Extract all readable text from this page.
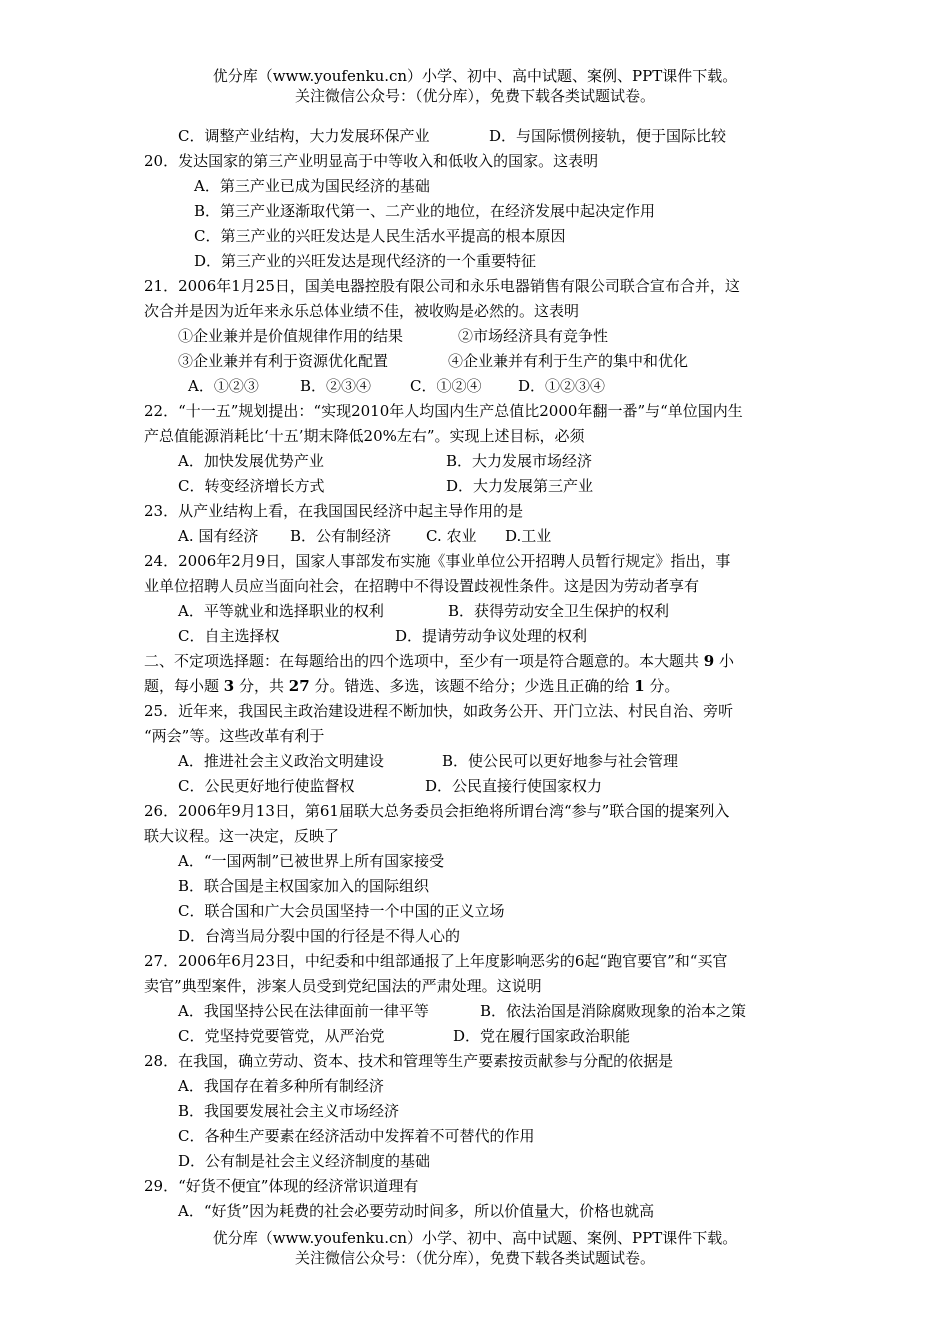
优分库（www.youfenku.cn）小学、初中、高中试题、案例、PPT课件下载。
关注微信公众号：（优分库），免费下载各类试题试卷。
C．调整产业结构，大力发展环保产业	D．与国际惯例接轨，便于国际比较
20．发达国家的第三产业明显高于中等收入和低收入的国家。这表明
A．第三产业已成为国民经济的基础
B．第三产业逐渐取代第一、二产业的地位，在经济发展中起决定作用
C．第三产业的兴旺发达是人民生活水平提高的根本原因
D．第三产业的兴旺发达是现代经济的一个重要特征
21．2006年1月25日，国美电器控股有限公司和永乐电器销售有限公司联合宣布合并，这
次合并是因为近年来永乐总体业绩不佳，被收购是必然的。这表明
①企业兼并是价值规律作用的结果	②市场经济具有竞争性
③企业兼并有利于资源优化配置	④企业兼并有利于生产的集中和优化
A．①②③	B．②③④	C．①②④ D．①②③④
22．“十一五”规划提出：“实现2010年人均国内生产总值比2000年翻一番”与“单位国内生
产总值能源消耗比‘十五’期末降低20%左右”。实现上述目标，必须
A．加快发展优势产业	B．大力发展市场经济
C．转变经济增长方式	D．大力发展第三产业
23．从产业结构上看，在我国国民经济中起主导作用的是
A. 国有经济 B．公有制经济 C. 农业 D.工业
24．2006年2月9日，国家人事部发布实施《事业单位公开招聘人员暂行规定》指出，事
业单位招聘人员应当面向社会，在招聘中不得设置歧视性条件。这是因为劳动者享有
A．平等就业和选择职业的权利	B．获得劳动安全卫生保护的权利
C．自主选择权	D．提请劳动争议处理的权利
二、不定项选择题：在每题给出的四个选项中，至少有一项是符合题意的。本大题共 9 小
题，每小题 3 分，共 27 分。错选、多选，该题不给分；少选且正确的给 1 分。
25．近年来，我国民主政治建设进程不断加快，如政务公开、开门立法、村民自治、旁听
“两会”等。这些改革有利于
A．推进社会主义政治文明建设	B．使公民可以更好地参与社会管理
C．公民更好地行使监督权	D．公民直接行使国家权力
26．2006年9月13日，第61届联大总务委员会拒绝将所谓台湾“参与”联合国的提案列入
联大议程。这一决定，反映了
A．“一国两制”已被世界上所有国家接受
B．联合国是主权国家加入的国际组织
C．联合国和广大会员国坚持一个中国的正义立场
D．台湾当局分裂中国的行径是不得人心的
27．2006年6月23日，中纪委和中组部通报了上年度影响恶劣的6起“跑官要官”和“买官
卖官”典型案件，涉案人员受到党纪国法的严肃处理。这说明
A．我国坚持公民在法律面前一律平等	B．依法治国是消除腐败现象的治本之策
C．党坚持党要管党，从严治党	D．党在履行国家政治职能
28．在我国，确立劳动、资本、技术和管理等生产要素按贡献参与分配的依据是
A．我国存在着多种所有制经济
B．我国要发展社会主义市场经济
C．各种生产要素在经济活动中发挥着不可替代的作用
D．公有制是社会主义经济制度的基础
29．“好货不便宜”体现的经济常识道理有
A．“好货”因为耗费的社会必要劳动时间多，所以价值量大，价格也就高
优分库（www.youfenku.cn）小学、初中、高中试题、案例、PPT课件下载。
关注微信公众号：（优分库），免费下载各类试题试卷。
